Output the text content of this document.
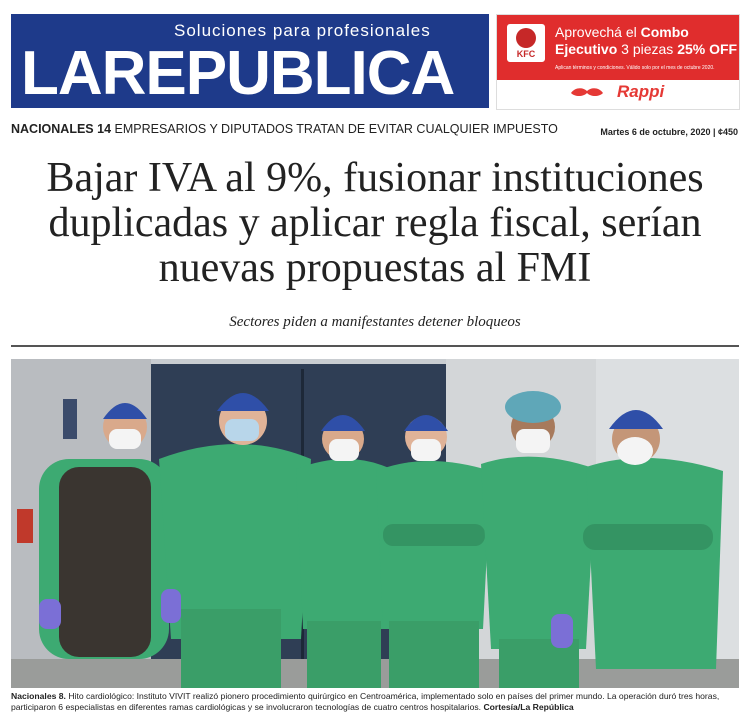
Soluciones para profesionales
LAREPUBLICA	KFC
Aprovechá el Combo
Ejecutivo 3 piezas 25% OFF
Aplican términos y condiciones. Válido solo por el mes de octubre 2020.
Rappi
NACIONALES 14 EMPRESARIOS Y DIPUTADOS TRATAN DE EVITAR CUALQUIER IMPUESTO	Martes 6 de octubre, 2020 | ¢450
Bajar IVA al 9%, fusionar instituciones duplicadas y aplicar regla fiscal, serían nuevas propuestas al FMI
Sectores piden a manifestantes detener bloqueos
Nacionales 8. Hito cardiológico: Instituto VIVIT realizó pionero procedimiento quirúrgico en Centroamérica, implementado solo en países del primer mundo. La operación duró tres horas, participaron 6 especialistas en diferentes ramas cardiológicas y se involucraron tecnologías de cuatro centros hospitalarios. Cortesía/La República
